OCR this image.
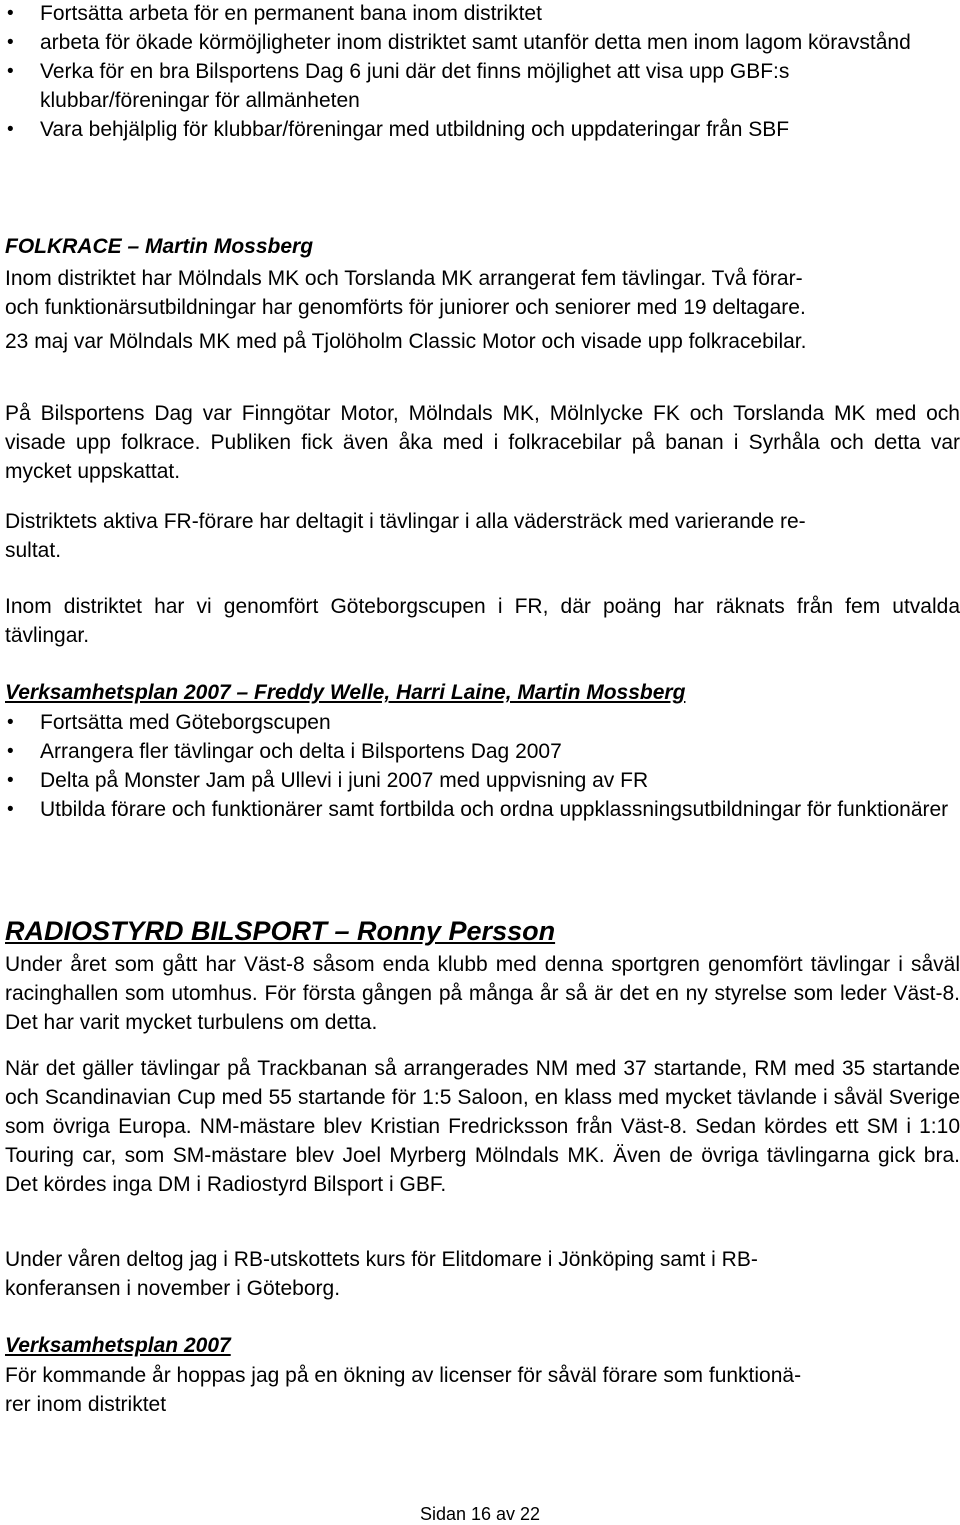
• Fortsätta arbeta för en permanent bana inom distriktet
• arbeta för ökade körmöjligheter inom distriktet samt utanför detta men inom lagom köravstånd
• Verka för en bra Bilsportens Dag 6 juni där det finns möjlighet att visa upp GBF:s klubbar/föreningar för allmänheten
• Vara behjälplig för klubbar/föreningar med utbildning och uppdateringar från SBF
FOLKRACE – Martin Mossberg

Inom distriktet har Mölndals MK och Torslanda MK arrangerat fem tävlingar. Två förar-
och funktionärsutbildningar har genomförts för juniorer och seniorer med 19 deltagare.

23 maj var Mölndals MK med på Tjolöholm Classic Motor och visade upp folkracebilar.

På Bilsportens Dag var Finngötar Motor, Mölndals MK, Mölnlycke FK och Torslanda MK med och visade upp folkrace. Publiken fick även åka med i folkracebilar på banan i Syrhåla och detta var mycket uppskattat.

Distriktets aktiva FR-förare har deltagit i tävlingar i alla vädersträck med varierande re-
sultat.

Inom distriktet har vi genomfört Göteborgscupen i FR, där poäng har räknats från fem utvalda tävlingar.

Verksamhetsplan 2007 – Freddy Welle, Harri Laine, Martin Mossberg
• Fortsätta med Göteborgscupen
• Arrangera fler tävlingar och delta i Bilsportens Dag 2007
• Delta på Monster Jam på Ullevi i juni 2007 med uppvisning av FR
• Utbilda förare och funktionärer samt fortbilda och ordna uppklassningsutbildningar för funktionärer
RADIOSTYRD BILSPORT – Ronny Persson

Under året som gått har Väst-8 såsom enda klubb med denna sportgren genomfört tävlingar i såväl racinghallen som utomhus. För första gången på många år så är det en ny styrelse som leder Väst-8. Det har varit mycket turbulens om detta.

När det gäller tävlingar på Trackbanan så arrangerades NM med 37 startande, RM med 35 startande och Scandinavian Cup med 55 startande för 1:5 Saloon, en klass med mycket tävlande i såväl Sverige som övriga Europa. NM-mästare blev Kristian Fredricksson från Väst-8. Sedan kördes ett SM i 1:10 Touring car, som SM-mästare blev Joel Myrberg Mölndals MK. Även de övriga tävlingarna gick bra. Det kördes inga DM i Radiostyrd Bilsport i GBF.

Under våren deltog jag i RB-utskottets kurs för Elitdomare i Jönköping samt i RB-
konferansen i november i Göteborg.

Verksamhetsplan 2007

För kommande år hoppas jag på en ökning av licenser för såväl förare som funktionä-
rer inom distriktet

Sidan 16 av 22
